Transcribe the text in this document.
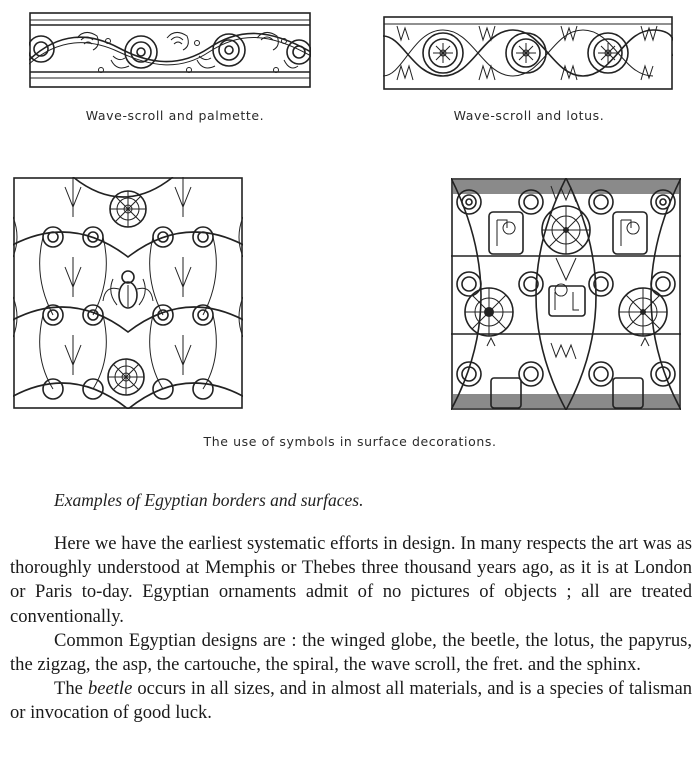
Wave-scroll and palmette.	Wave-scroll and lotus.
The use of symbols in surface decorations.
Examples of Egyptian borders and surfaces.

Here we have the earliest systematic efforts in design. In many respects the art was as thoroughly understood at Memphis or Thebes three thousand years ago, as it is at London or Paris to-day. Egyptian ornaments admit of no pictures of objects ; all are treated conventionally.

Common Egyptian designs are : the winged globe, the beetle, the lotus, the papyrus, the zigzag, the asp, the cartouche, the spiral, the wave scroll, the fret. and the sphinx.

The beetle occurs in all sizes, and in almost all materials, and is a species of talisman or invocation of good luck.
